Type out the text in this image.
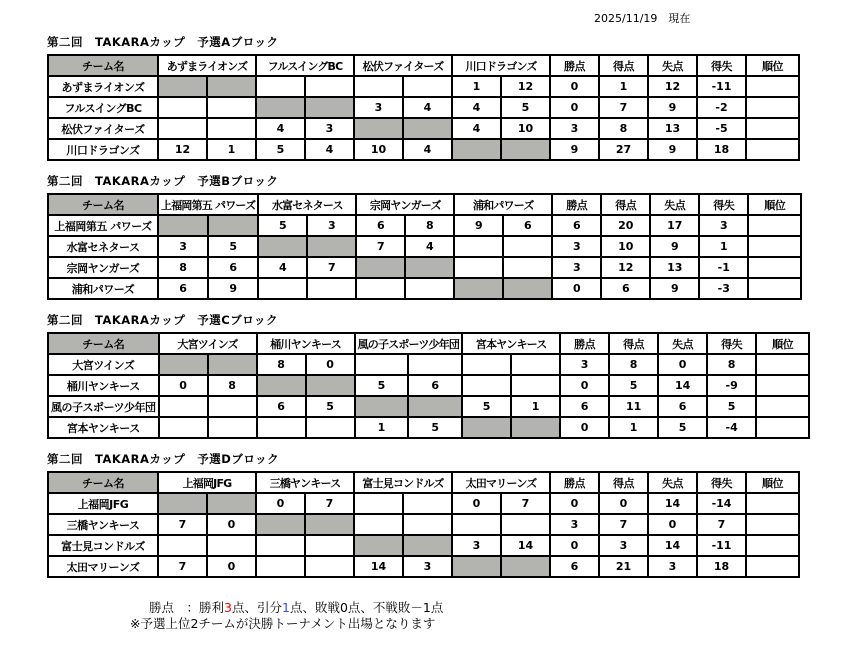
2025/11/19　現在
第二回　TAKARAカップ　予選Aブロック
チーム名	あずまライオンズ		フルスイングBC		松伏ファイターズ		川口ドラゴンズ		勝点	得点	失点	得失	順位
あずまライオンズ							1	12	0	1	12	-11	
フルスイングBC					3	4	4	5	0	7	9	-2	
松伏ファイターズ			4	3			4	10	3	8	13	-5	
川口ドラゴンズ	12	1	5	4	10	4			9	27	9	18	
第二回　TAKARAカップ　予選Bブロック
チーム名	上福岡第五 パワーズ		水富セネタース		宗岡ヤンガーズ		浦和パワーズ		勝点	得点	失点	得失	順位
上福岡第五 パワーズ			5	3	6	8	9	6	6	20	17	3	
水富セネタース	3	5			7	4			3	10	9	1	
宗岡ヤンガーズ	8	6	4	7					3	12	13	-1	
浦和パワーズ	6	9							0	6	9	-3	
第二回　TAKARAカップ　予選Cブロック
チーム名	大宮ツインズ		桶川ヤンキース		風の子スポーツ少年団		宮本ヤンキース		勝点	得点	失点	得失	順位
大宮ツインズ			8	0					3	8	0	8	
桶川ヤンキース	0	8			5	6			0	5	14	-9	
風の子スポーツ少年団			6	5			5	1	6	11	6	5	
宮本ヤンキース					1	5			0	1	5	-4	
第二回　TAKARAカップ　予選Dブロック
チーム名	上福岡JFG		三橋ヤンキース		富士見コンドルズ		太田マリーンズ		勝点	得点	失点	得失	順位
上福岡JFG			0	7			0	7	0	0	14	-14	
三橋ヤンキース	7	0							3	7	0	7	
富士見コンドルズ							3	14	0	3	14	-11	
太田マリーンズ	7	0			14	3			6	21	3	18	
勝点　：勝利3点、引分1点、敗戦0点、不戦敗－1点
※予選上位2チームが決勝トーナメント出場となります
